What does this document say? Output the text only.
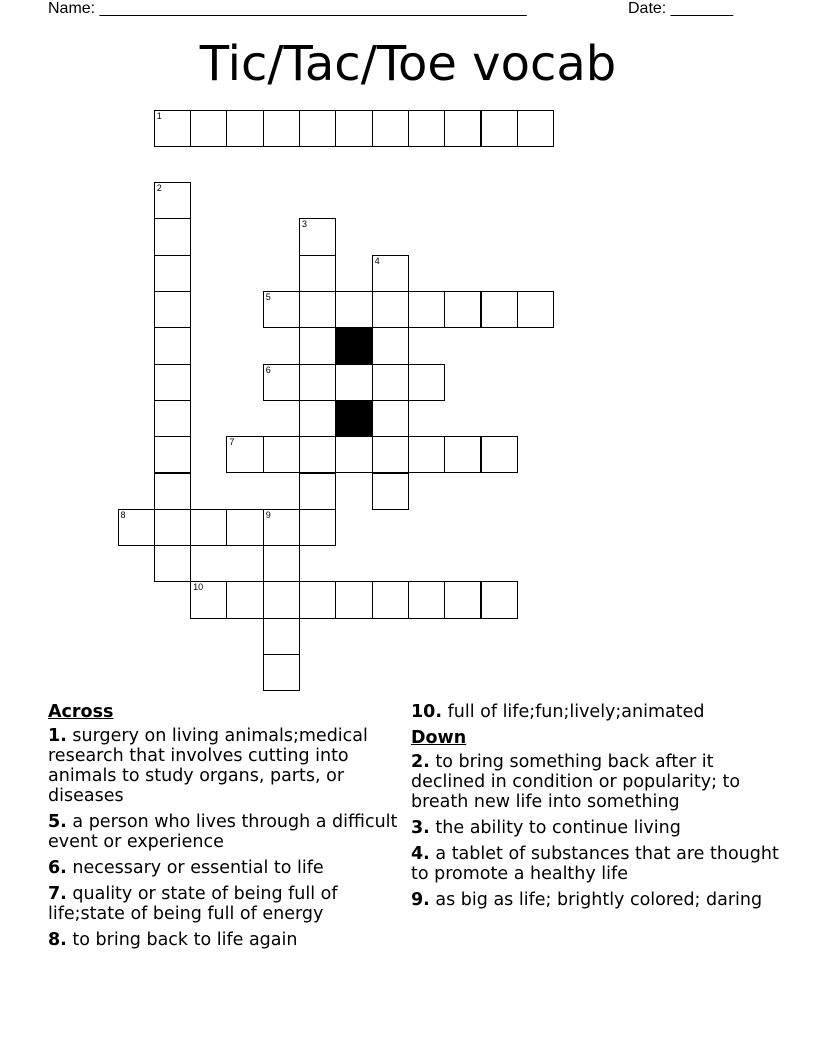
Name: ________________________________________________	Date: _______
Tic/Tac/Toe vocab
1
2
3
4
5
6
7
8	9
10
Across
1. surgery on living animals;medical research that involves cutting into animals to study organs, parts, or diseases
5. a person who lives through a difficult event or experience
6. necessary or essential to life
7. quality or state of being full of life;state of being full of energy
8. to bring back to life again
10. full of life;fun;lively;animated
Down
2. to bring something back after it declined in condition or popularity; to breath new life into something
3. the ability to continue living
4. a tablet of substances that are thought to promote a healthy life
9. as big as life; brightly colored; daring
